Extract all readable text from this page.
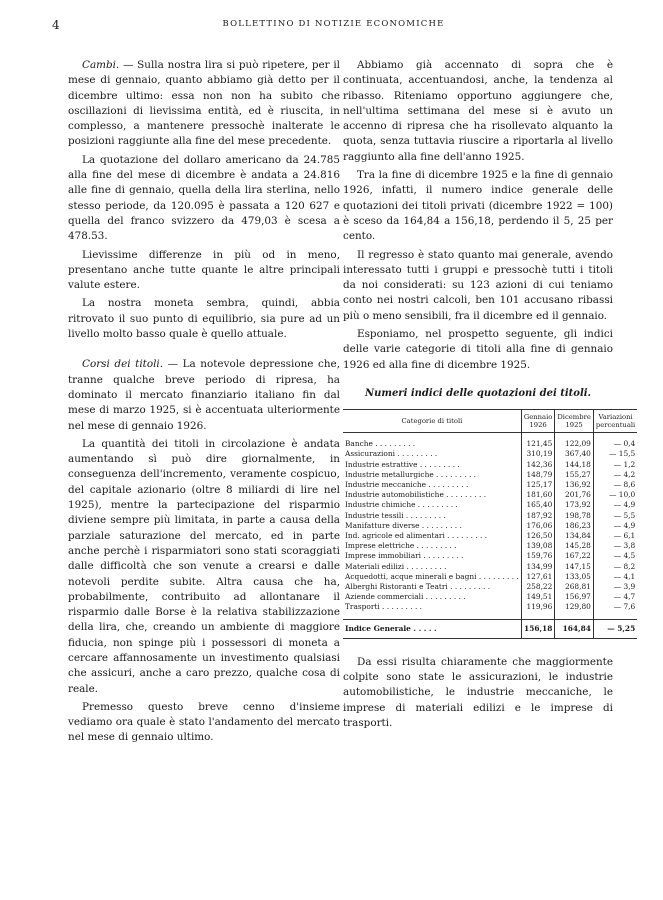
4	BOLLETTINO DI NOTIZIE ECONOMICHE

Cambi. — Sulla nostra lira si può ripetere, per il mese di gennaio, quanto abbiamo già detto per il dicembre ultimo: essa non non ha subito che oscillazioni di lievissima entità, ed è riuscita, in complesso, a mantenere pressochè inalterate le posizioni raggiunte alla fine del mese precedente.

La quotazione del dollaro americano da 24.785 alla fine del mese di dicembre è andata a 24.816 alle fine di gennaio, quella della lira sterlina, nello stesso periode, da 120.095 è passata a 120 627 e quella del franco svizzero da 479,03 è scesa a 478.53.

Lievissime differenze in più od in meno, presentano anche tutte quante le altre principali valute estere.

La nostra moneta sembra, quindi, abbia ritrovato il suo punto di equilibrio, sia pure ad un livello molto basso quale è quello attuale.

Corsi dei titoli. — La notevole depressione che, tranne qualche breve periodo di ripresa, ha dominato il mercato finanziario italiano fin dal mese di marzo 1925, si è accentuata ulteriormente nel mese di gennaio 1926.

La quantità dei titoli in circolazione è andata aumentando sì può dire giornalmente, in conseguenza dell'incremento, veramente cospicuo, del capitale azionario (oltre 8 miliardi di lire nel 1925), mentre la partecipazione del risparmio diviene sempre più limitata, in parte a causa della parziale saturazione del mercato, ed in parte anche perchè i risparmiatori sono stati scoraggiati dalle difficoltà che son venute a crearsi e dalle notevoli perdite subite. Altra causa che ha, probabilmente, contribuito ad allontanare il risparmio dalle Borse è la relativa stabilizzazione della lira, che, creando un ambiente di maggiore fiducia, non spinge più i possessori di moneta a cercare affannosamente un investimento qualsiasi che assicuri, anche a caro prezzo, qualche cosa di reale.

Premesso questo breve cenno d'insieme vediamo ora quale è stato l'andamento del mercato nel mese di gennaio ultimo.

Abbiamo già accennato di sopra che è continuata, accentuandosi, anche, la tendenza al ribasso. Riteniamo opportuno aggiungere che, nell'ultima settimana del mese si è avuto un accenno di ripresa che ha risollevato alquanto la quota, senza tuttavia riuscire a riportarla al livello raggiunto alla fine dell'anno 1925.

Tra la fine di dicembre 1925 e la fine di gennaio 1926, infatti, il numero indice generale delle quotazioni dei titoli privati (dicembre 1922 = 100) è sceso da 164,84 a 156,18, perdendo il 5, 25 per cento.

Il regresso è stato quanto mai generale, avendo interessato tutti i gruppi e pressochè tutti i titoli da noi considerati: su 123 azioni di cui teniamo conto nei nostri calcoli, ben 101 accusano ribassi più o meno sensibili, fra il dicembre ed il gennaio.

Esponiamo, nel prospetto seguente, gli indici delle varie categorie di titoli alla fine di gennaio 1926 ed alla fine di dicembre 1925.

Numeri indici delle quotazioni dei titoli.
Categorie di titoli	Gennaio 1926	Dicembre 1925	Variazioni percentuali
Banche . . . . . . . . .	121,45	122,09	— 0,4
Assicurazioni . . . . . . . . .	310,19	367,40	— 15,5
Industrie estrattive . . . . . . . . .	142,36	144,18	— 1,2
Industrie metallurgiche . . . . . . . . .	148,79	155,27	— 4,2
Industrie meccaniche . . . . . . . . .	125,17	136,92	— 8,6
Industrie automobilistiche . . . . . . . . .	181,60	201,76	— 10,0
Industrie chimiche . . . . . . . . .	165,40	173,92	— 4,9
Industrie tessili . . . . . . . . .	187,92	198,78	— 5,5
Manifatture diverse . . . . . . . . .	176,06	186,23	— 4,9
Ind. agricole ed alimentari . . . . . . . . .	126,50	134,84	— 6,1
Imprese elettriche . . . . . . . . .	139,08	145,28	— 3,8
Imprese immobiliari . . . . . . . . .	159,76	167,22	— 4,5
Materiali edilizi . . . . . . . . .	134,99	147,15	— 8,2
Acquedotti, acque minerali e bagni . . . . . . . . .	127,61	133,05	— 4,1
Alberghi Ristoranti e Teatri . . . . . . . . .	258,22	268,81	— 3,9
Aziende commerciali . . . . . . . . .	149,51	156,97	— 4,7
Trasporti . . . . . . . . .	119,96	129,80	— 7,6
Indice Generale . . . . .	156,18	164,84	— 5,25

Da essi risulta chiaramente che maggiormente colpite sono state le assicurazioni, le industrie automobilistiche, le industrie meccaniche, le imprese di materiali edilizi e le imprese di trasporti.
